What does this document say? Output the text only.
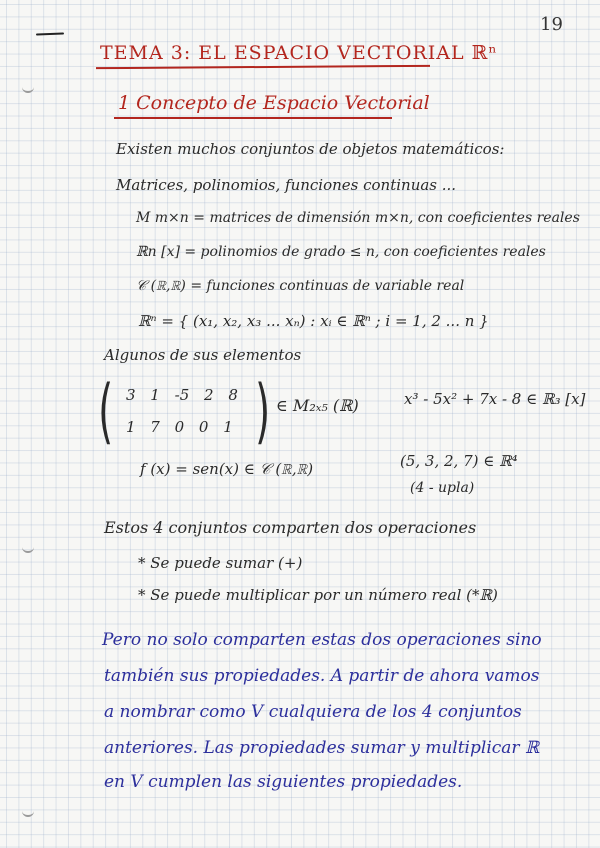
19
TEMA 3: EL ESPACIO VECTORIAL ℝⁿ
1 Concepto de Espacio Vectorial
Existen muchos conjuntos de objetos matemáticos:
Matrices, polinomios, funciones continuas ...
M m×n = matrices de dimensión m×n, con coeficientes reales
ℝn [x] = polinomios de grado ≤ n, con coeficientes reales
𝒞 (ℝ,ℝ) = funciones continuas de variable real
ℝⁿ = { (x₁, x₂, x₃ ... xₙ) : xᵢ ∈ ℝⁿ ; i = 1, 2 ... n }
Algunos de sus elementos
( 3 1 -5 2 8
1 7 0 0 1 ) ∈ M₂ₓ₅ (ℝ)	x³ - 5x² + 7x - 8 ∈ ℝ₃ [x]
f (x) = sen(x) ∈ 𝒞 (ℝ,ℝ)	(5, 3, 2, 7) ∈ ℝ⁴
(4 - upla)
Estos 4 conjuntos comparten dos operaciones
* Se puede sumar (+)
* Se puede multiplicar por un número real (*ℝ)
Pero no solo comparten estas dos operaciones sino
también sus propiedades. A partir de ahora vamos
a nombrar como V cualquiera de los 4 conjuntos
anteriores. Las propiedades sumar y multiplicar ℝ
en V cumplen las siguientes propiedades.
